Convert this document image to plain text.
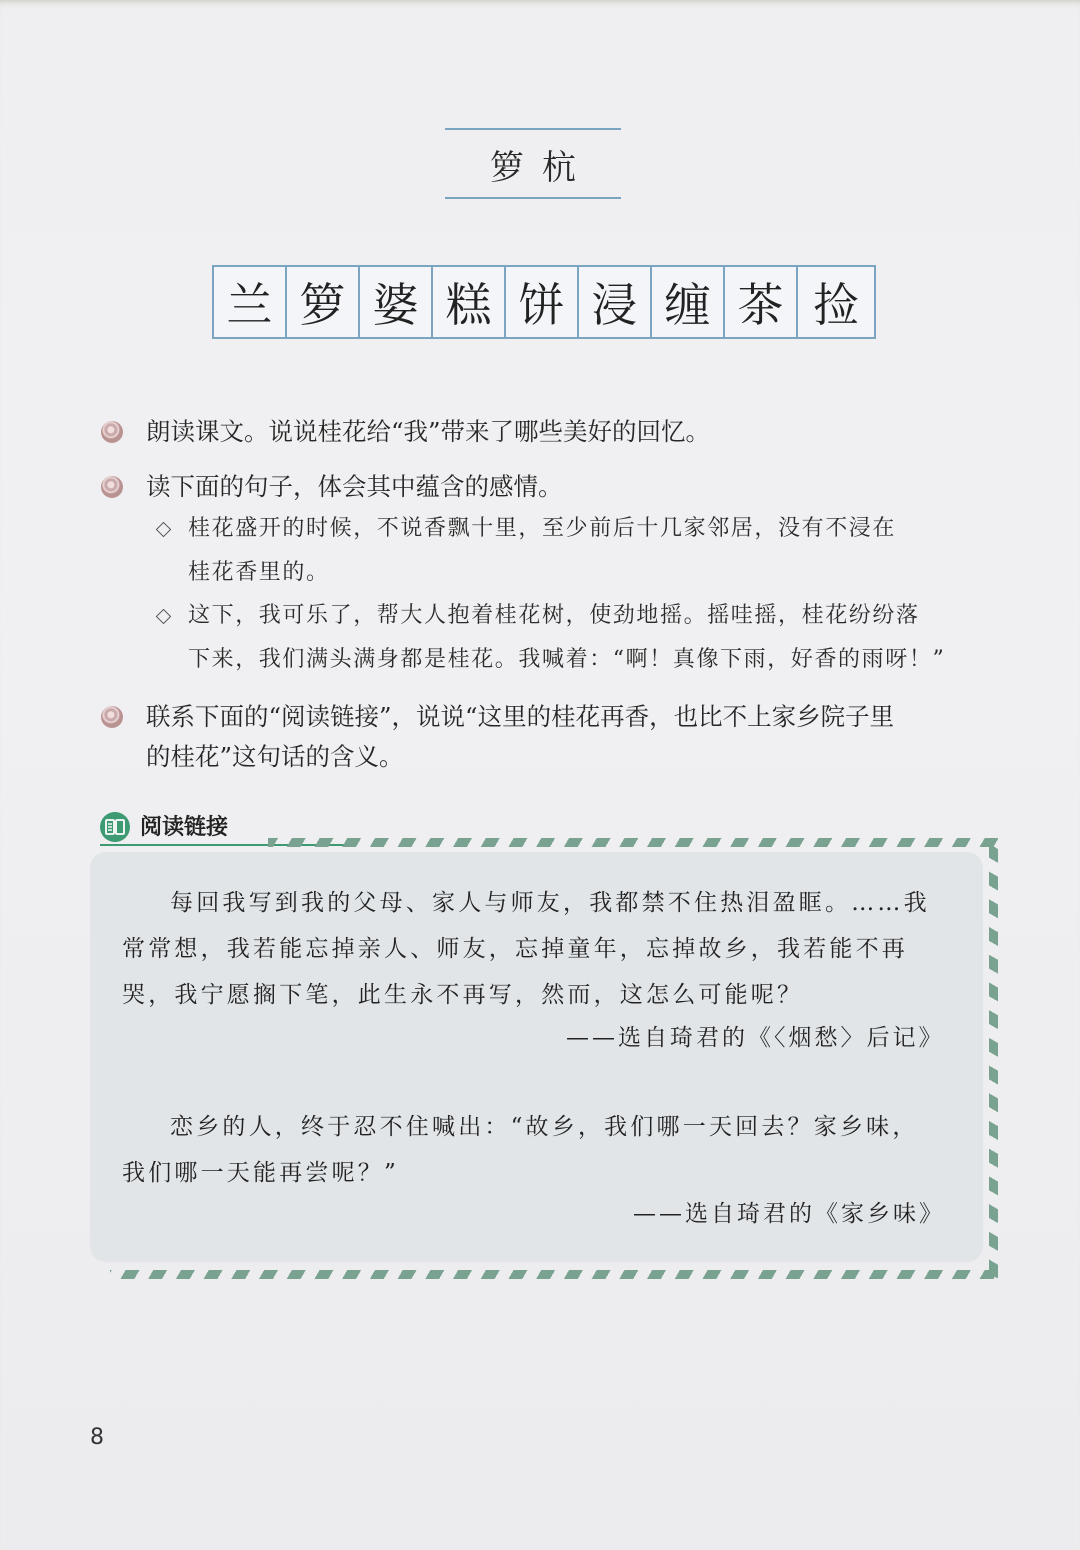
箩杭
兰 箩 婆 糕 饼 浸 缠 茶 捡
朗读课文。说说桂花给“我”带来了哪些美好的回忆。
读下面的句子，体会其中蕴含的感情。
桂花盛开的时候，不说香飘十里，至少前后十几家邻居，没有不浸在
桂花香里的。
这下，我可乐了，帮大人抱着桂花树，使劲地摇。摇哇摇，桂花纷纷落
下来，我们满头满身都是桂花。我喊着：“啊！真像下雨，好香的雨呀！”
联系下面的“阅读链接”，说说“这里的桂花再香，也比不上家乡院子里
的桂花”这句话的含义。
阅读链接
每回我写到我的父母、家人与师友，我都禁不住热泪盈眶。……我
常常想，我若能忘掉亲人、师友，忘掉童年，忘掉故乡，我若能不再
哭，我宁愿搁下笔，此生永不再写，然而，这怎么可能呢？
——选自琦君的《〈烟愁〉后记》
恋乡的人，终于忍不住喊出：“故乡，我们哪一天回去？家乡味，
我们哪一天能再尝呢？”
——选自琦君的《家乡味》
8
